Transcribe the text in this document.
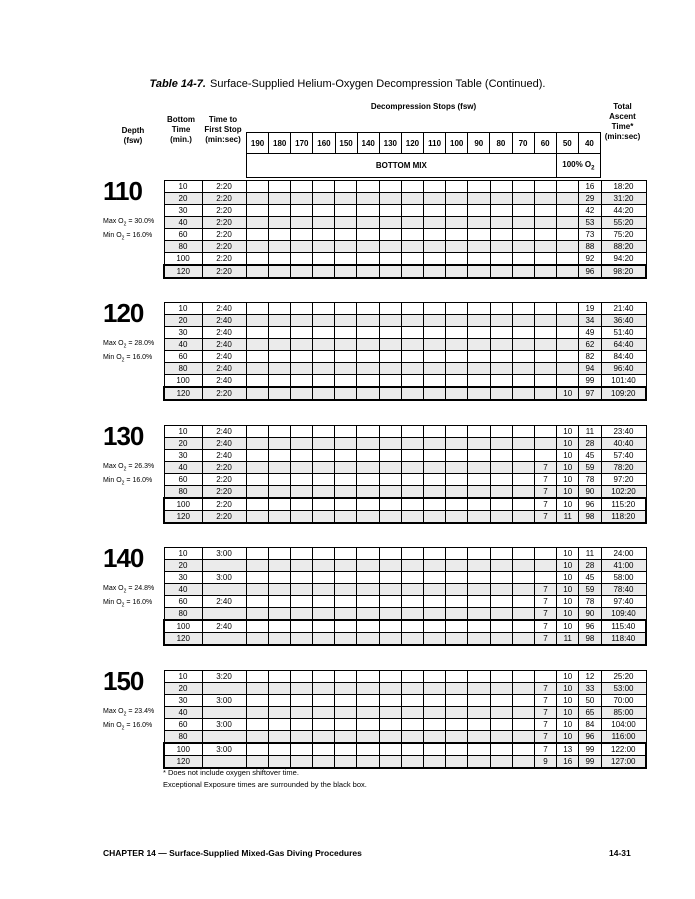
Table 14-7. Surface-Supplied Helium-Oxygen Decompression Table (Continued).
Depth
(fsw)
Bottom
Time
(min.)
Time to
First Stop
(min:sec)
Decompression Stops (fsw)	Total
Ascent
Time*
(min:sec)
190	180	170	160	150	140	130	120	110	100	90	80	70	60	50	40
BOTTOM MIX														100% $O_2$
110
Max $O_2 = 30.0\%$
Min $O_2 = 16.0\%$
10	2:20																16	18:20
20	2:20																29	31:20
30	2:20																42	44:20
40	2:20																53	55:20
60	2:20																73	75:20
80	2:20																88	88:20
100	2:20																92	94:20
120	2:20																96	98:20
120
Max $O_2 = 28.0\%$
Min $O_2 = 16.0\%$
10	2:40																19	21:40
20	2:40																34	36:40
30	2:40																49	51:40
40	2:40																62	64:40
60	2:40																82	84:40
80	2:40																94	96:40
100	2:40																99	101:40
120	2:20															10	97	109:20
130
Max $O_2 = 26.3\%$
Min $O_2 = 16.0\%$
10	2:40															10	11	23:40
20	2:40															10	28	40:40
30	2:40															10	45	57:40
40	2:20														7	10	59	78:20
60	2:20														7	10	78	97:20
80	2:20														7	10	90	102:20
100	2:20														7	10	96	115:20
120	2:20														7	11	98	118:20
140
Max $O_2 = 24.8\%$
Min $O_2 = 16.0\%$
10	3:00															10	11	24:00
20																10	28	41:00
30	3:00															10	45	58:00
40															7	10	59	78:40
60	2:40														7	10	78	97:40
80															7	10	90	109:40
100	2:40														7	10	96	115:40
120															7	11	98	118:40
150
Max $O_2 = 23.4\%$
Min $O_2 = 16.0\%$
10	3:20															10	12	25:20
20															7	10	33	53:00
30	3:00														7	10	50	70:00
40															7	10	65	85:00
60	3:00														7	10	84	104:00
80															7	10	96	116:00
100	3:00														7	13	99	122:00
120															9	16	99	127:00
* Does not include oxygen shiftover time.
Exceptional Exposure times are surrounded by the black box.
CHAPTER 14 — Surface-Supplied Mixed-Gas Diving Procedures	14-31
